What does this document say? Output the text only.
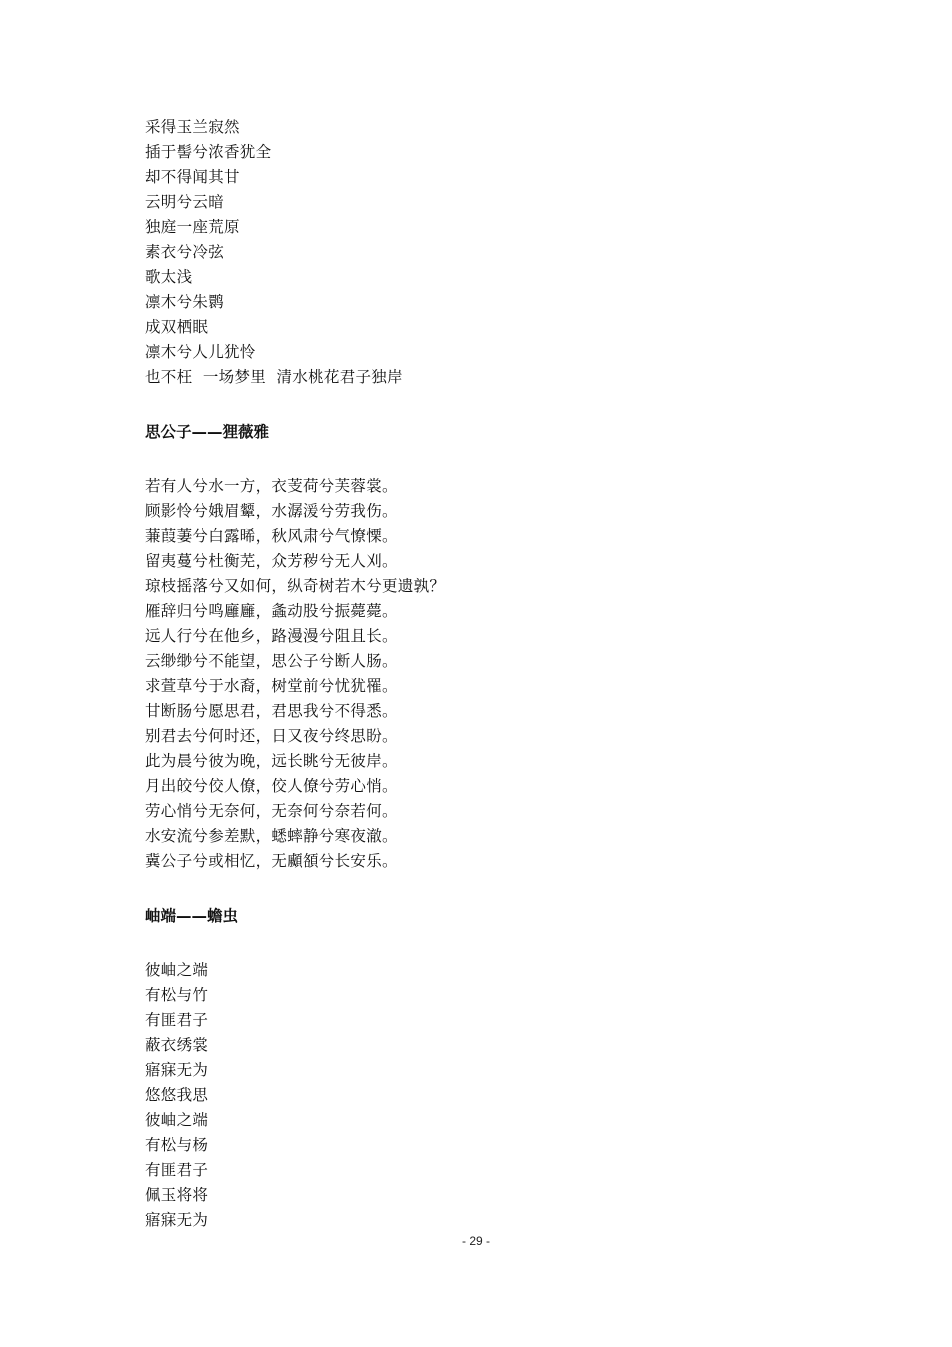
采得玉兰寂然
插于髻兮浓香犹全
却不得闻其甘
云明兮云暗
独庭一座荒原
素衣兮冷弦
歌太浅
凛木兮朱鹮
成双栖眠
凛木兮人儿犹怜
也不枉  一场梦里  清水桃花君子独岸
思公子——狸薇雅
若有人兮水一方，衣芰荷兮芙蓉裳。
顾影怜兮娥眉颦，水潺湲兮劳我伤。
蒹葭萋兮白露晞，秋风肃兮气憭慄。
留夷蔓兮杜衡芜，众芳秽兮无人刈。
琼枝摇落兮又如何，纵奇树若木兮更遗孰？
雁辞归兮鸣廱廱，螽动股兮振薨薨。
远人行兮在他乡，路漫漫兮阻且长。
云缈缈兮不能望，思公子兮断人肠。
求萱草兮于水裔，树堂前兮忧犹罹。
甘断肠兮愿思君，君思我兮不得悉。
别君去兮何时还，日又夜兮终思盼。
此为晨兮彼为晚，远长眺兮无彼岸。
月出皎兮佼人僚，佼人僚兮劳心悄。
劳心悄兮无奈何，无奈何兮奈若何。
水安流兮参差默，蟋蟀静兮寒夜澈。
冀公子兮或相忆，无顣頟兮长安乐。
岫端——蟾虫
彼岫之端
有松与竹
有匪君子
蔽衣绣裳
寤寐无为
悠悠我思
彼岫之端
有松与杨
有匪君子
佩玉将将
寤寐无为
- 29 -
